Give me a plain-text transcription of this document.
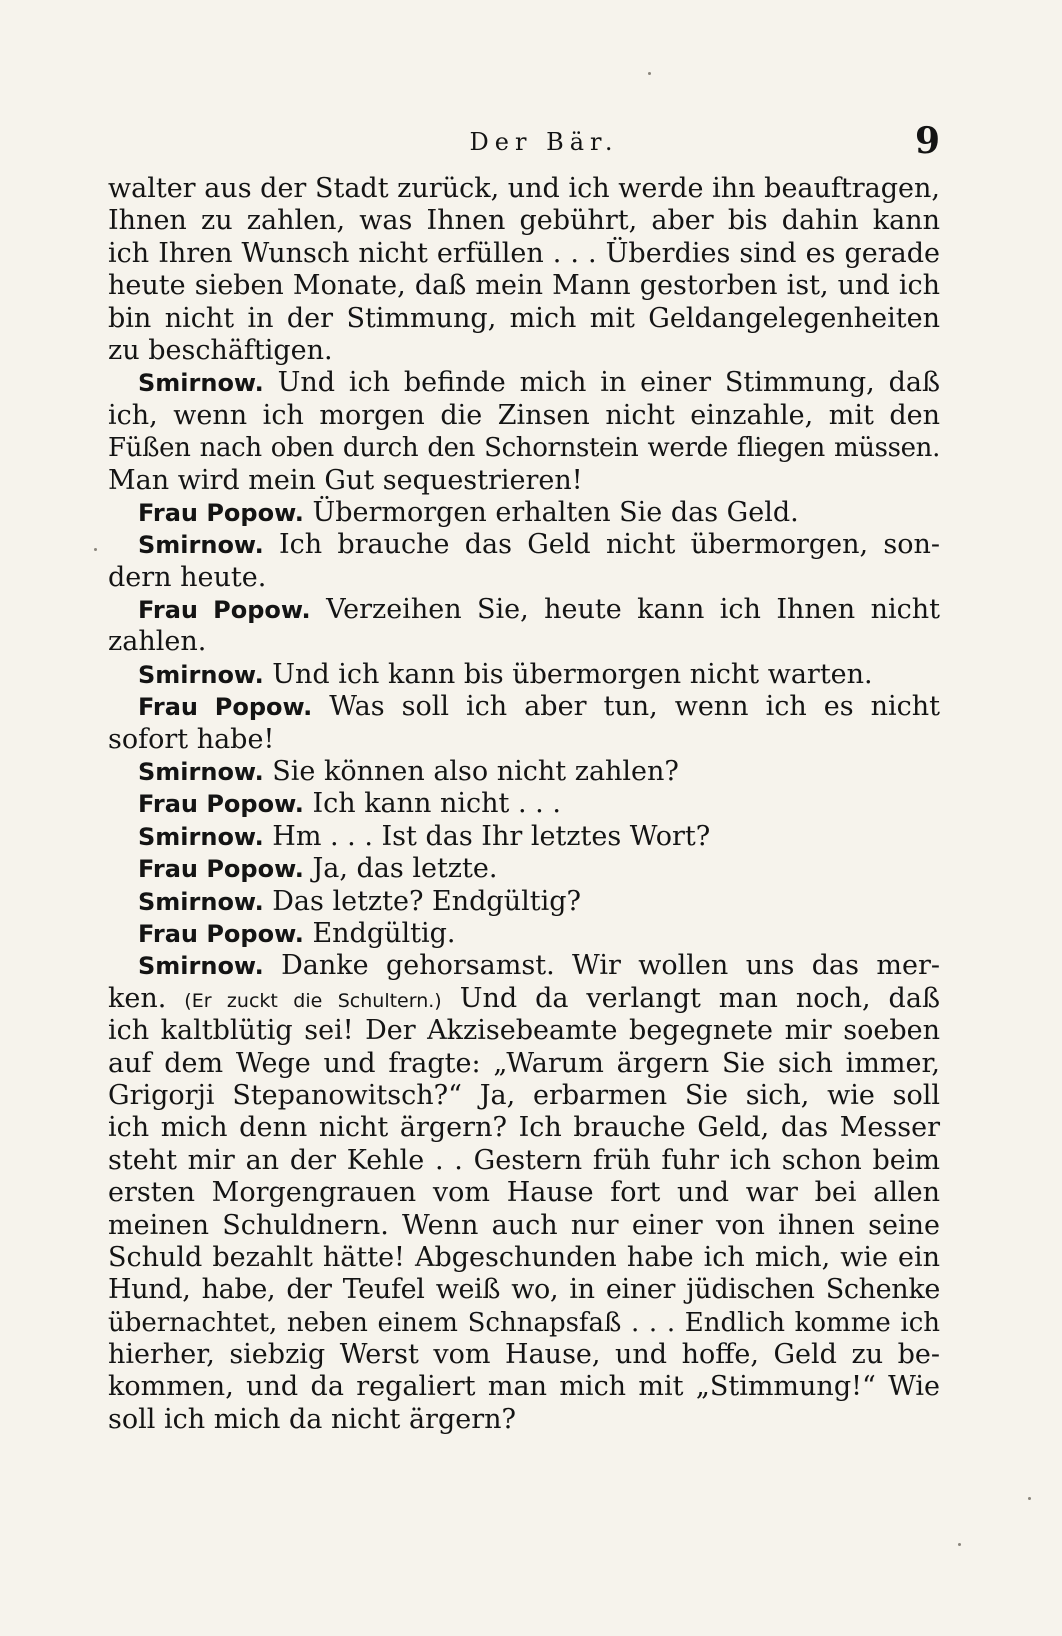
Der Bär.	9
walter aus der Stadt zurück, und ich werde ihn beauftragen,
Ihnen zu zahlen, was Ihnen gebührt, aber bis dahin kann
ich Ihren Wunsch nicht erfüllen . . . Überdies sind es gerade
heute sieben Monate, daß mein Mann gestorben ist, und ich
bin nicht in der Stimmung, mich mit Geldangelegenheiten
zu beschäftigen.
Smirnow. Und ich befinde mich in einer Stimmung, daß
ich, wenn ich morgen die Zinsen nicht einzahle, mit den
Füßen nach oben durch den Schornstein werde fliegen müssen.
Man wird mein Gut sequestrieren!
Frau Popow. Übermorgen erhalten Sie das Geld.
Smirnow. Ich brauche das Geld nicht übermorgen, son-
dern heute.
Frau Popow. Verzeihen Sie, heute kann ich Ihnen nicht
zahlen.
Smirnow. Und ich kann bis übermorgen nicht warten.
Frau Popow. Was soll ich aber tun, wenn ich es nicht
sofort habe!
Smirnow. Sie können also nicht zahlen?
Frau Popow. Ich kann nicht . . .
Smirnow. Hm . . . Ist das Ihr letztes Wort?
Frau Popow. Ja, das letzte.
Smirnow. Das letzte? Endgültig?
Frau Popow. Endgültig.
Smirnow. Danke gehorsamst. Wir wollen uns das mer-
ken. (Er zuckt die Schultern.) Und da verlangt man noch, daß
ich kaltblütig sei! Der Akzisebeamte begegnete mir soeben
auf dem Wege und fragte: „Warum ärgern Sie sich immer,
Grigorji Stepanowitsch?“ Ja, erbarmen Sie sich, wie soll
ich mich denn nicht ärgern? Ich brauche Geld, das Messer
steht mir an der Kehle . . Gestern früh fuhr ich schon beim
ersten Morgengrauen vom Hause fort und war bei allen
meinen Schuldnern. Wenn auch nur einer von ihnen seine
Schuld bezahlt hätte! Abgeschunden habe ich mich, wie ein
Hund, habe, der Teufel weiß wo, in einer jüdischen Schenke
übernachtet, neben einem Schnapsfaß . . . Endlich komme ich
hierher, siebzig Werst vom Hause, und hoffe, Geld zu be-
kommen, und da regaliert man mich mit „Stimmung!“ Wie
soll ich mich da nicht ärgern?
